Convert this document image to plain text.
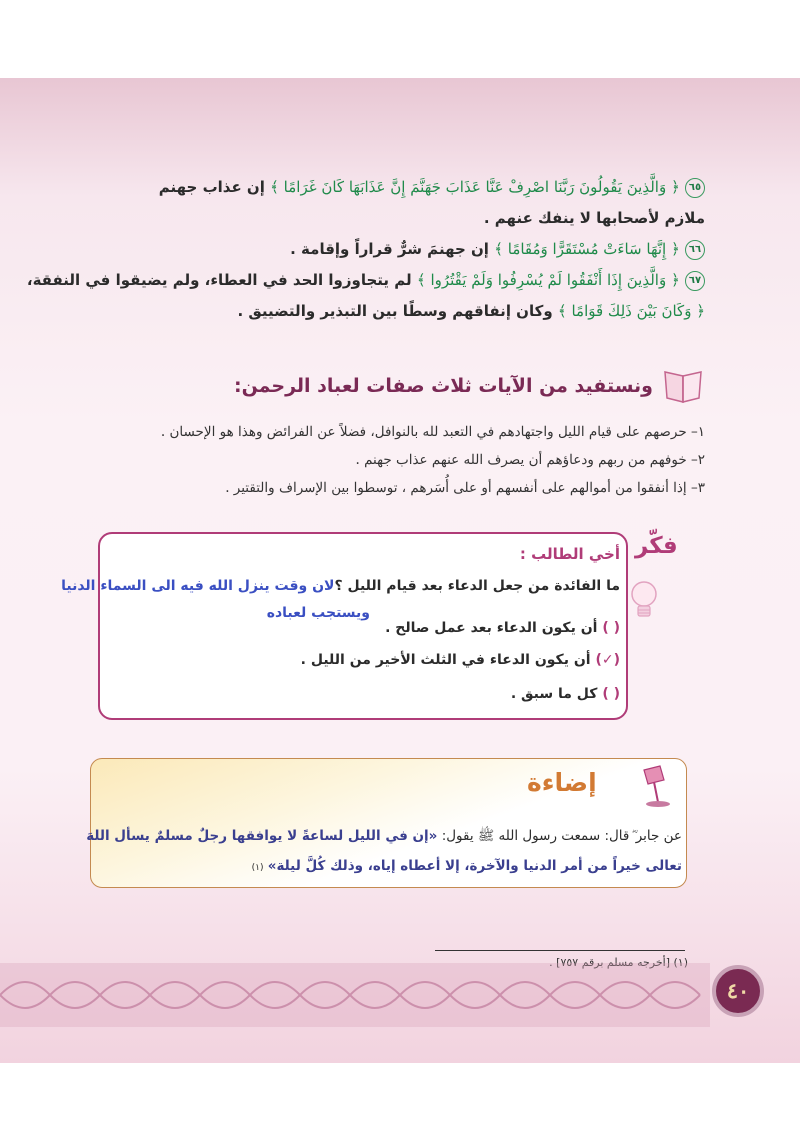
٦٥ ﴿ وَالَّذِينَ يَقُولُونَ رَبَّنَا اصْرِفْ عَنَّا عَذَابَ جَهَنَّمَ إِنَّ عَذَابَهَا كَانَ غَرَامًا ﴾ إن عذاب جهنم
ملازم لأصحابها لا ينفك عنهم .
٦٦ ﴿ إِنَّهَا سَاءَتْ مُسْتَقَرًّا وَمُقَامًا ﴾ إن جهنمَ شرٌّ قراراً وإقامة .
٦٧ ﴿ وَالَّذِينَ إِذَا أَنْفَقُوا لَمْ يُسْرِفُوا وَلَمْ يَقْتُرُوا ﴾ لم يتجاوزوا الحد في العطاء، ولم يضيقوا في النفقة،
﴿ وَكَانَ بَيْنَ ذَلِكَ قَوَامًا ﴾ وكان إنفاقهم وسطًا بين التبذير والتضييق .
ونستفيد من الآيات ثلاث صفات لعباد الرحمن:
١– حرصهم على قيام الليل واجتهادهم في التعبد لله بالنوافل، فضلاً عن الفرائض وهذا هو الإحسان .
٢– خوفهم من ربهم ودعاؤهم أن يصرف الله عنهم عذاب جهنم .
٣– إذا أنفقوا من أموالهم على أنفسهم أو على أُسَرهم ، توسطوا بين الإسراف والتقتير .
فكّر
أخي الطالب :
ما الفائدة من جعل الدعاء بعد قيام الليل ؟لان وقت ينزل الله فيه الى السماء الدنيا
ويستجب لعباده
( ) أن يكون الدعاء بعد عمل صالح .
(✓) أن يكون الدعاء في الثلث الأخير من الليل .
( ) كل ما سبق .
إضاءة
عن جابر ؓ قال: سمعت رسول الله ﷺ يقول: «إن في الليل لساعةً لا يوافقها رجلٌ مسلمٌ يسأل اللهَ
تعالى خيراً من أمر الدنيا والآخرة، إلا أعطاه إياه، وذلك كُلَّ ليلة» (١)
(١) [أخرجه مسلم برقم ٧٥٧] .
٤٠
